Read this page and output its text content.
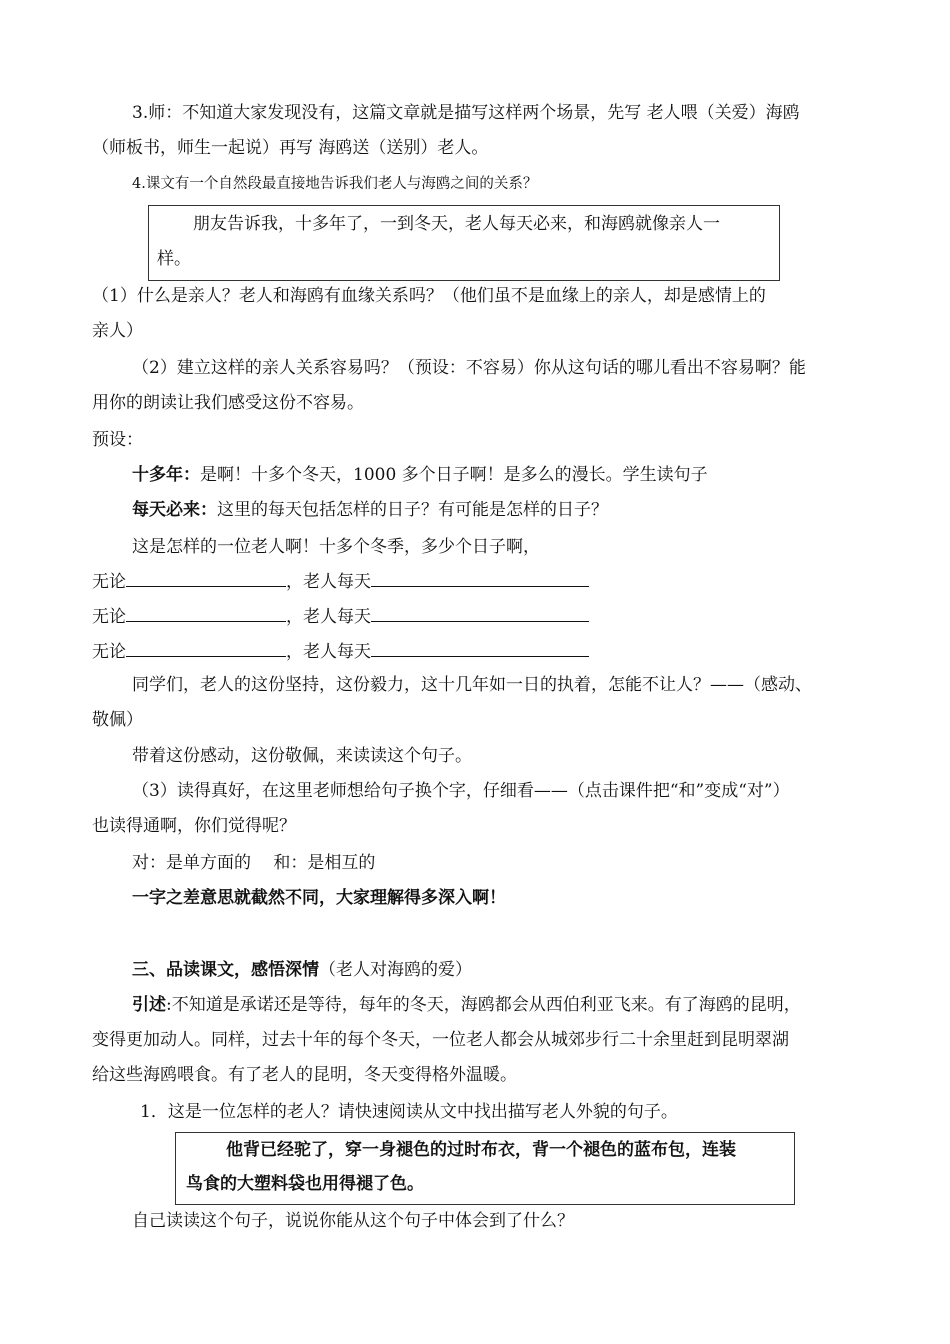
3.师：不知道大家发现没有，这篇文章就是描写这样两个场景，先写 老人喂（关爱）海鸥
（师板书，师生一起说）再写 海鸥送（送别）老人。
4.课文有一个自然段最直接地告诉我们老人与海鸥之间的关系？
朋友告诉我，十多年了，一到冬天，老人每天必来，和海鸥就像亲人一
样。
（1）什么是亲人？老人和海鸥有血缘关系吗？（他们虽不是血缘上的亲人，却是感情上的
亲人）
（2）建立这样的亲人关系容易吗？（预设：不容易）你从这句话的哪儿看出不容易啊？能
用你的朗读让我们感受这份不容易。
预设：
十多年：是啊！十多个冬天，1000 多个日子啊！是多么的漫长。学生读句子
每天必来：这里的每天包括怎样的日子？有可能是怎样的日子？
这是怎样的一位老人啊！十多个冬季，多少个日子啊，
无论	，老人每天
无论	，老人每天
无论	，老人每天
同学们，老人的这份坚持，这份毅力，这十几年如一日的执着，怎能不让人？——（感动、
敬佩）
带着这份感动，这份敬佩，来读读这个句子。
（3）读得真好，在这里老师想给句子换个字，仔细看——（点击课件把“和”变成“对”）
也读得通啊，你们觉得呢？
对：是单方面的　 和：是相互的
一字之差意思就截然不同，大家理解得多深入啊！
三、品读课文，感悟深情（老人对海鸥的爱）
引述:不知道是承诺还是等待，每年的冬天，海鸥都会从西伯利亚飞来。有了海鸥的昆明，
变得更加动人。同样，过去十年的每个冬天，一位老人都会从城郊步行二十余里赶到昆明翠湖
给这些海鸥喂食。有了老人的昆明，冬天变得格外温暖。
1．这是一位怎样的老人？请快速阅读从文中找出描写老人外貌的句子。
他背已经驼了，穿一身褪色的过时布衣，背一个褪色的蓝布包，连装
鸟食的大塑料袋也用得褪了色。
自己读读这个句子，说说你能从这个句子中体会到了什么？
